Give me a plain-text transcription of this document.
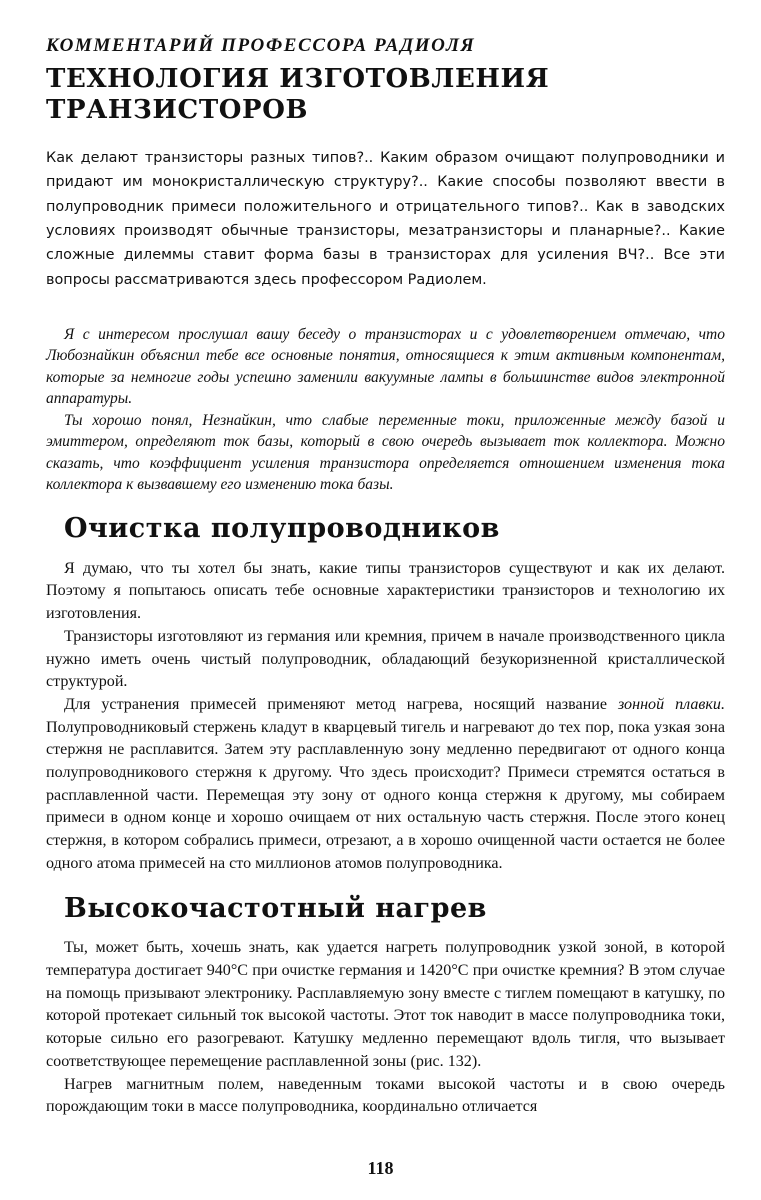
КОММЕНТАРИЙ ПРОФЕССОРА РАДИОЛЯ
ТЕХНОЛОГИЯ ИЗГОТОВЛЕНИЯ ТРАНЗИСТОРОВ

Как делают транзисторы разных типов?.. Каким образом очищают полупроводники и придают им монокристаллическую структуру?.. Какие способы позволяют ввести в полупроводник примеси положительного и отрицательного типов?.. Как в заводских условиях производят обычные транзисторы, мезатранзисторы и планарные?.. Какие сложные дилеммы ставит форма базы в транзисторах для усиления ВЧ?.. Все эти вопросы рассматриваются здесь профессором Радиолем.

Я с интересом прослушал вашу беседу о транзисторах и с удовлетворением отмечаю, что Любознайкин объяснил тебе все основные понятия, относящиеся к этим активным компонентам, которые за немногие годы успешно заменили вакуумные лампы в большинстве видов электронной аппаратуры.

Ты хорошо понял, Незнайкин, что слабые переменные токи, приложенные между базой и эмиттером, определяют ток базы, который в свою очередь вызывает ток коллектора. Можно сказать, что коэффициент усиления транзистора определяется отношением изменения тока коллектора к вызвавшему его изменению тока базы.

Очистка полупроводников

Я думаю, что ты хотел бы знать, какие типы транзисторов существуют и как их делают. Поэтому я попытаюсь описать тебе основные характеристики транзисторов и технологию их изготовления.

Транзисторы изготовляют из германия или кремния, причем в начале производственного цикла нужно иметь очень чистый полупроводник, обладающий безукоризненной кристаллической структурой.

Для устранения примесей применяют метод нагрева, носящий название зонной плавки. Полупроводниковый стержень кладут в кварцевый тигель и нагревают до тех пор, пока узкая зона стержня не расплавится. Затем эту расплавленную зону медленно передвигают от одного конца полупроводникового стержня к другому. Что здесь происходит? Примеси стремятся остаться в расплавленной части. Перемещая эту зону от одного конца стержня к другому, мы собираем примеси в одном конце и хорошо очищаем от них остальную часть стержня. После этого конец стержня, в котором собрались примеси, отрезают, а в хорошо очищенной части остается не более одного атома примесей на сто миллионов атомов полупроводника.

Высокочастотный нагрев

Ты, может быть, хочешь знать, как удается нагреть полупроводник узкой зоной, в которой температура достигает 940°С при очистке германия и 1420°С при очистке кремния? В этом случае на помощь призывают электронику. Расплавляемую зону вместе с тиглем помещают в катушку, по которой протекает сильный ток высокой частоты. Этот ток наводит в массе полупроводника токи, которые сильно его разогревают. Катушку медленно перемещают вдоль тигля, что вызывает соответствующее перемещение расплавленной зоны (рис. 132).

Нагрев магнитным полем, наведенным токами высокой частоты и в свою очередь порождающим токи в массе полупроводника, координально отличается

118
